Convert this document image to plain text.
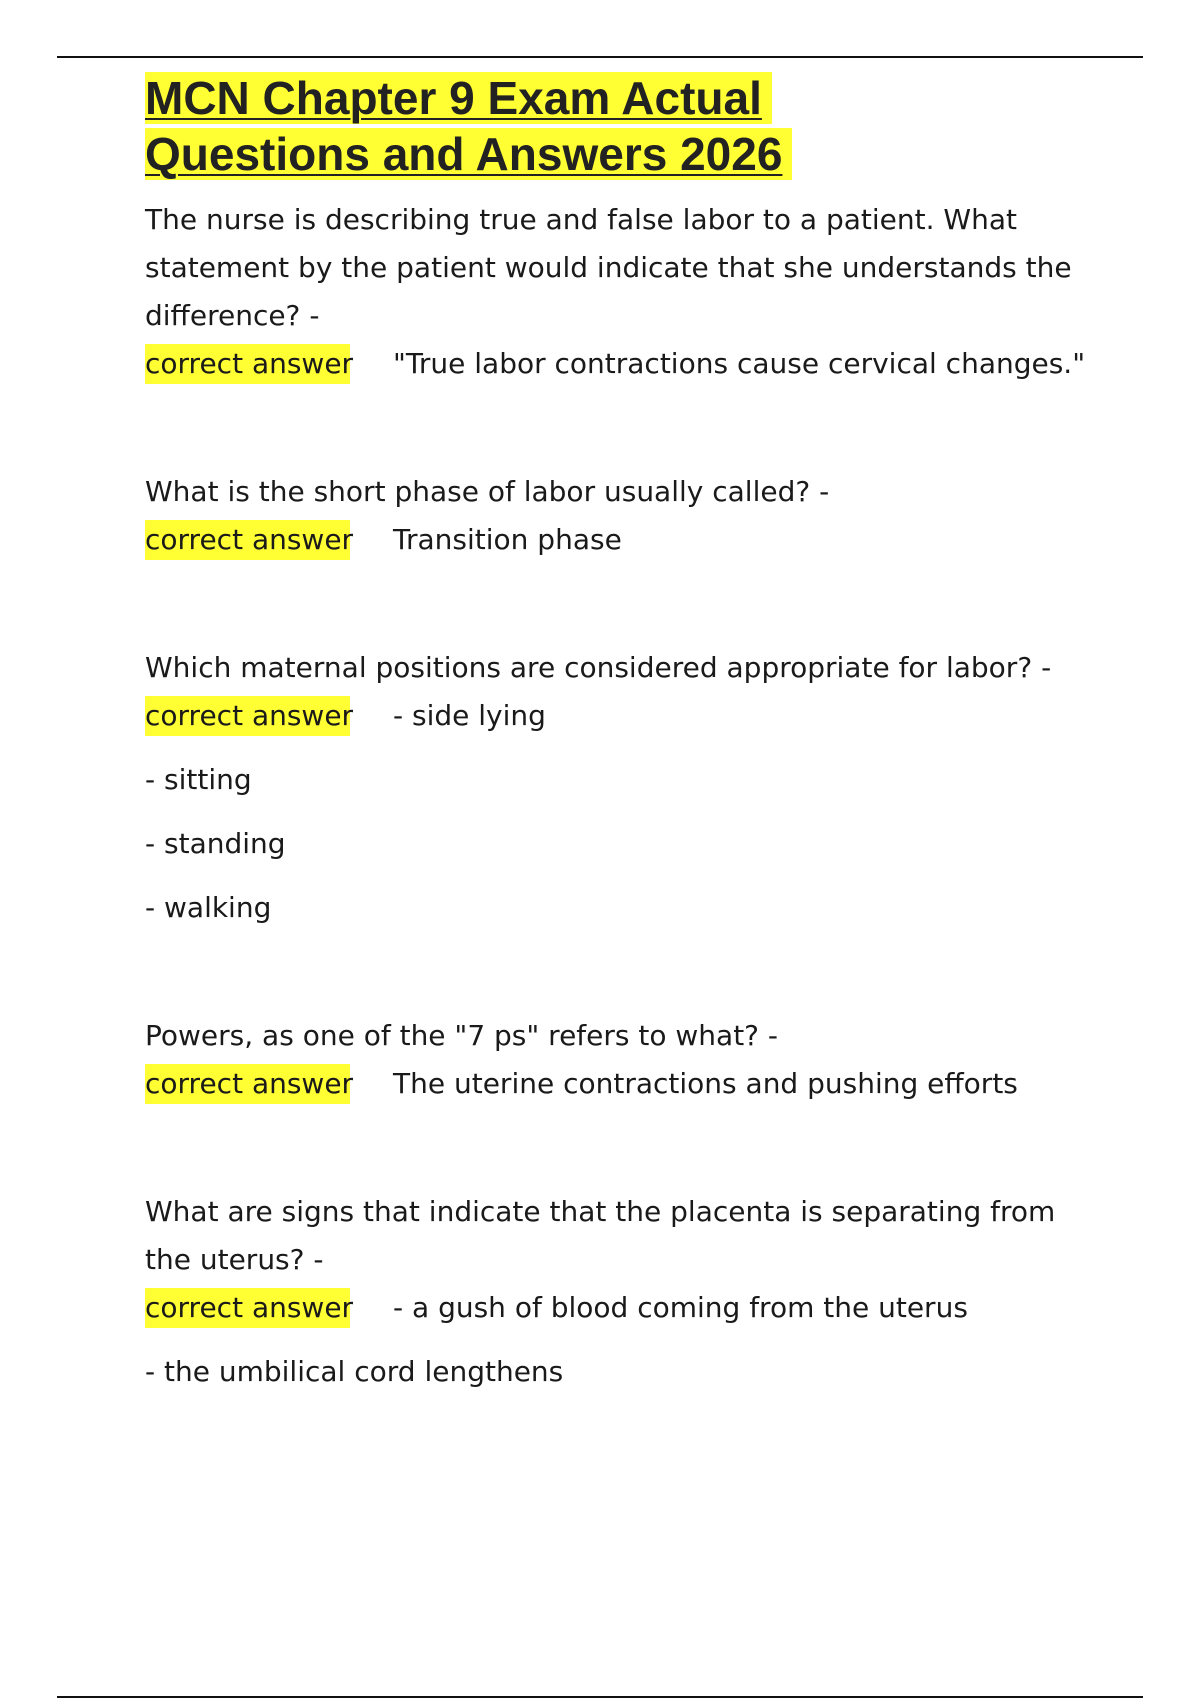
MCN Chapter 9 Exam Actual
Questions and Answers 2026

The nurse is describing true and false labor to a patient. What statement by the patient would indicate that she understands the difference? -

correct answer "True labor contractions cause cervical changes."

What is the short phase of labor usually called? -

correct answer Transition phase

Which maternal positions are considered appropriate for labor? -

correct answer - side lying
- sitting
- standing
- walking

Powers, as one of the "7 ps" refers to what? -

correct answer The uterine contractions and pushing efforts

What are signs that indicate that the placenta is separating from the uterus? -

correct answer - a gush of blood coming from the uterus
- the umbilical cord lengthens
